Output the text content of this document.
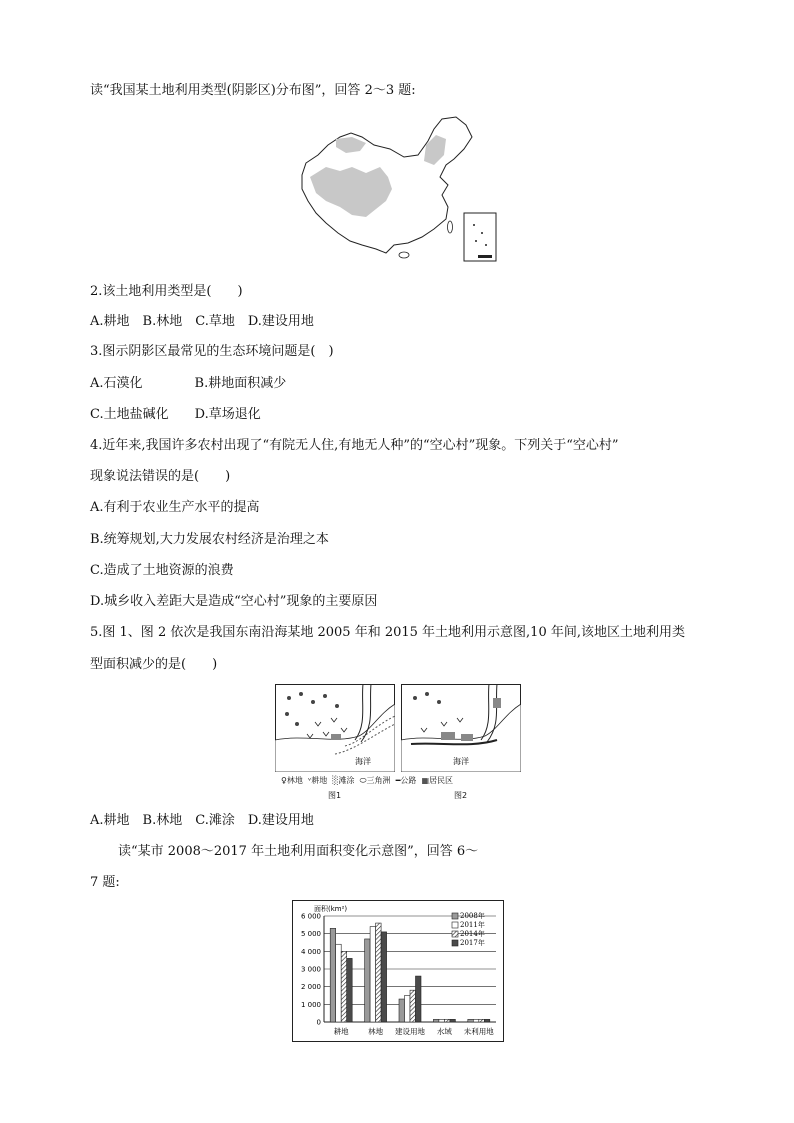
读“我国某土地利用类型(阴影区)分布图”，回答 2～3 题:
2.该土地利用类型是(　　)
A.耕地　B.林地　C.草地　D.建设用地
3.图示阴影区最常见的生态环境问题是(　)
A.石漠化　　　　B.耕地面积减少
C.土地盐碱化　　D.草场退化
4.近年来,我国许多农村出现了“有院无人住,有地无人种”的“空心村”现象。下列关于“空心村”
现象说法错误的是(　　)
A.有利于农业生产水平的提高
B.统筹规划,大力发展农村经济是治理之本
C.造成了土地资源的浪费
D.城乡收入差距大是造成“空心村”现象的主要原因
5.图 1、图 2 依次是我国东南沿海某地 2005 年和 2015 年土地利用示意图,10 年间,该地区土地利用类
型面积减少的是(　　)
海洋	海洋
♀林地 ᵛ耕地 ░滩涂 ⬭三角洲 ━公路 ▦居民区
图1	图2
A.耕地　B.林地　C.滩涂　D.建设用地
读“某市 2008～2017 年土地利用面积变化示意图”，回答 6～
7 题:
面积(km²)
0
1 000
2 000
3 000
4 000
5 000
6 000	2008年
2011年
2014年
2017年
耕地	林地 建设用地 水域 未利用地
